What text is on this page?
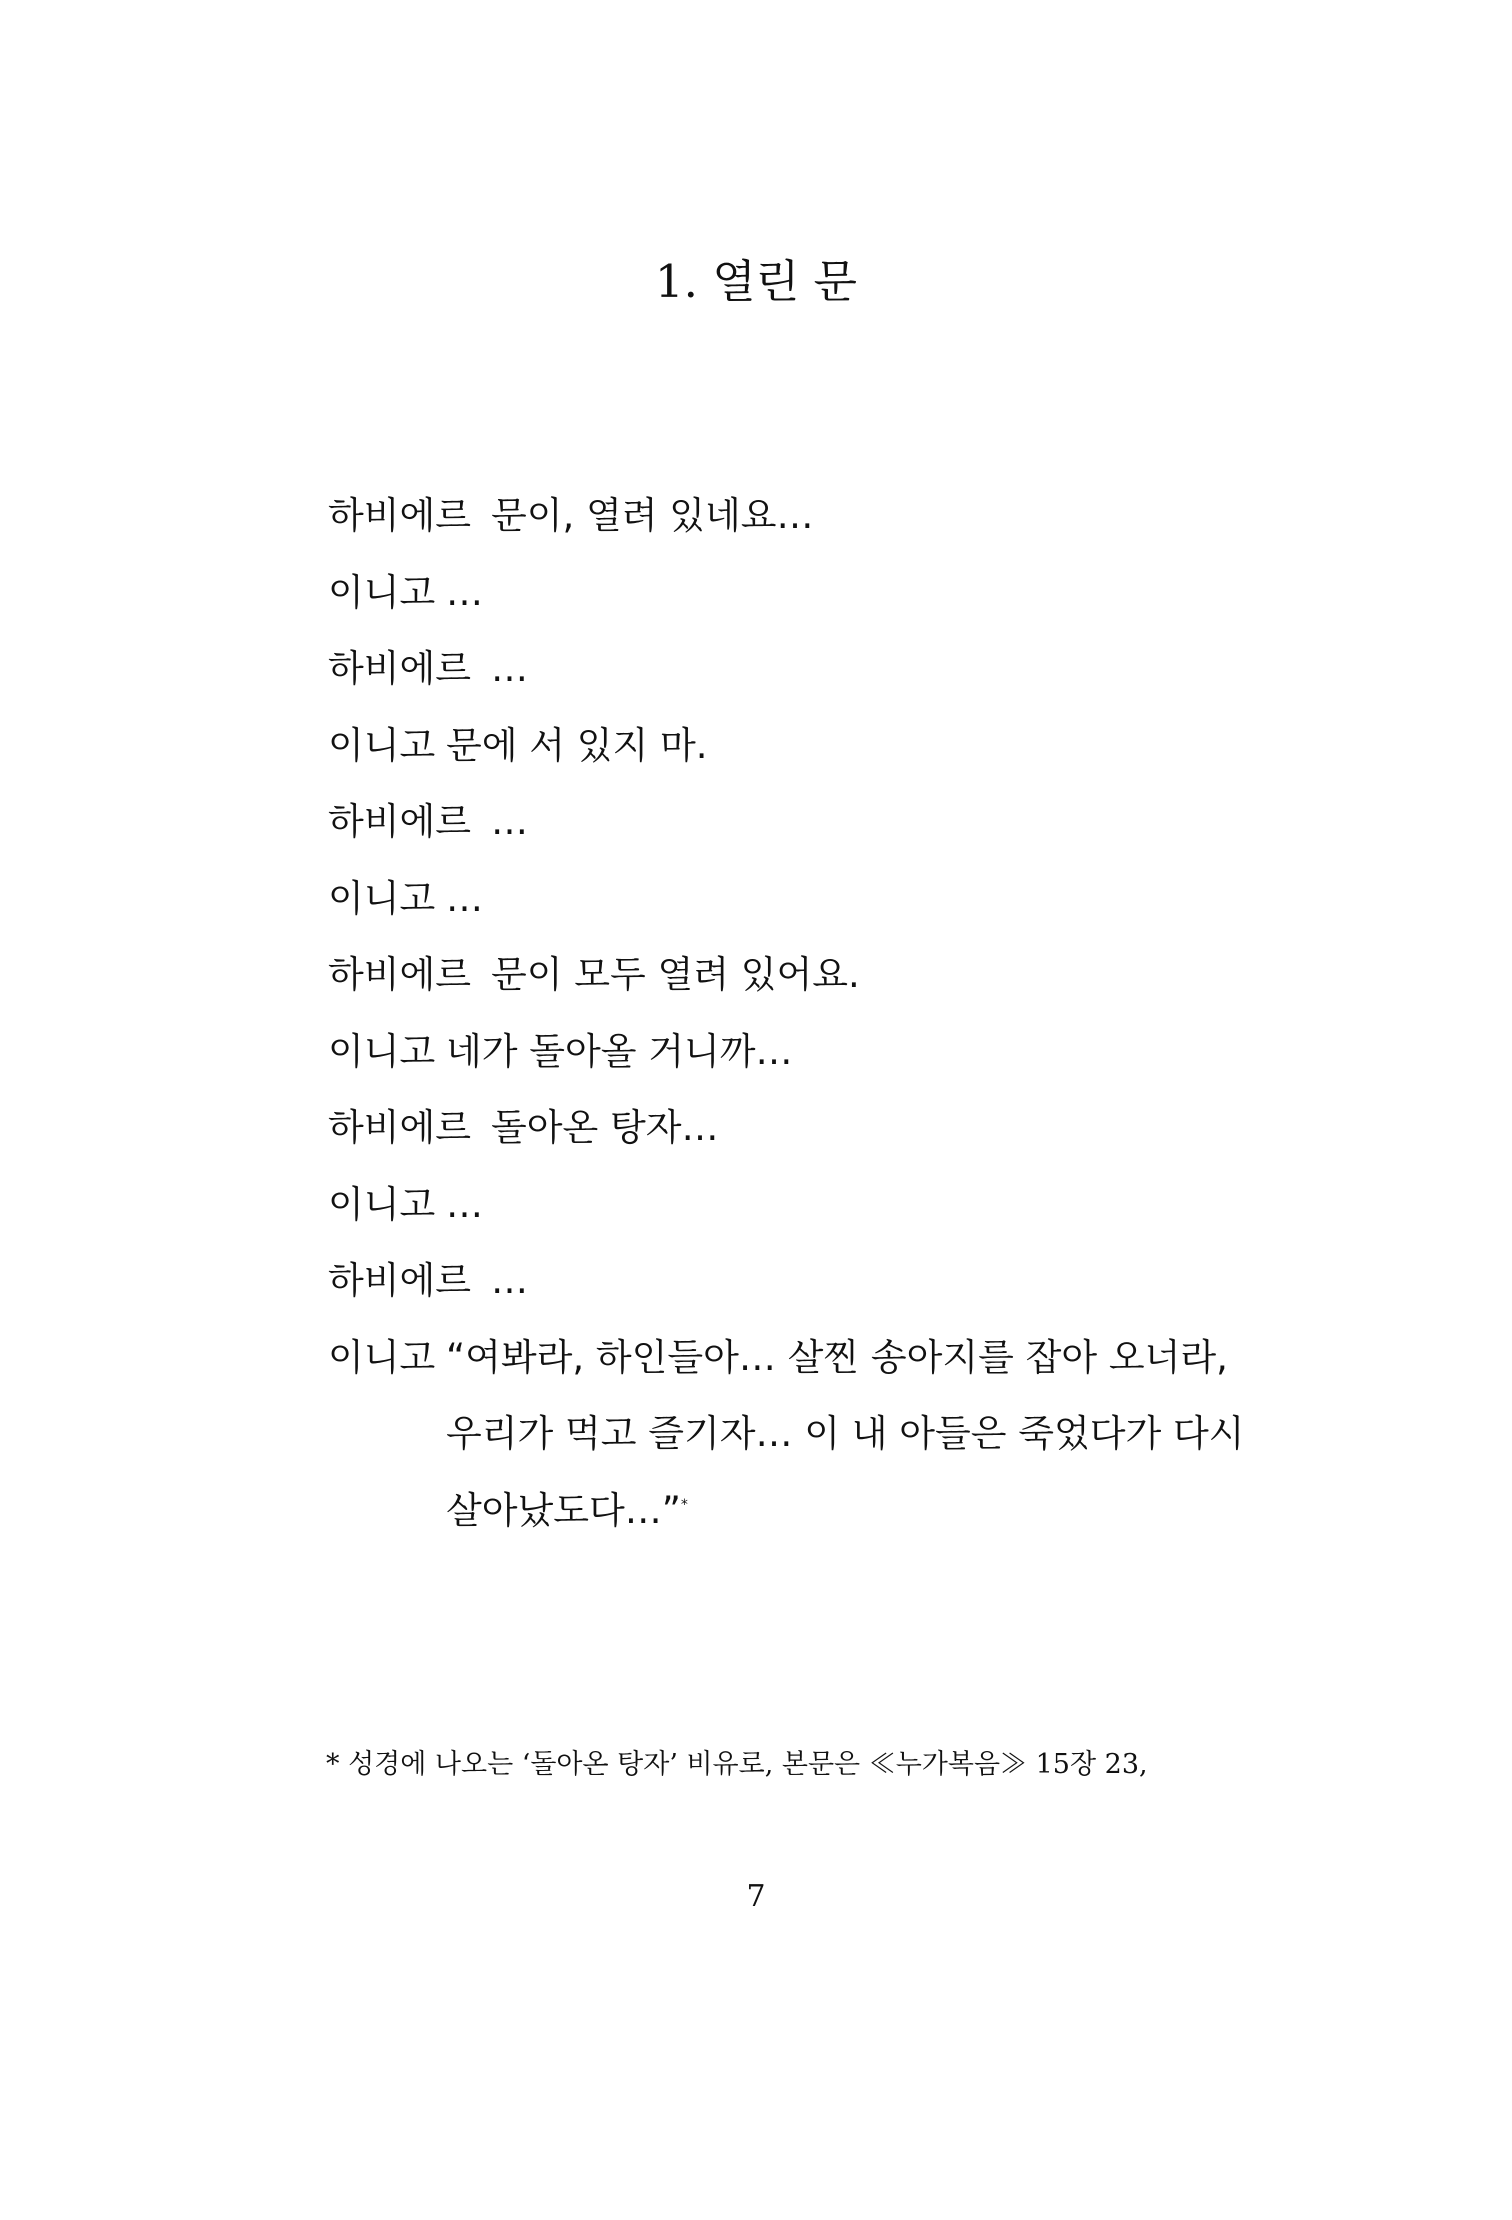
1. 열린 문
하비에르 문이, 열려 있네요…
이니고 …
하비에르 …
이니고 문에 서 있지 마.
하비에르 …
이니고 …
하비에르 문이 모두 열려 있어요.
이니고 네가 돌아올 거니까…
하비에르 돌아온 탕자…
이니고 …
하비에르 …
이니고 “여봐라, 하인들아… 살찐 송아지를 잡아 오너라,
우리가 먹고 즐기자… 이 내 아들은 죽었다가 다시
살아났도다…”*
* 성경에 나오는 ‘돌아온 탕자’ 비유로, 본문은 ≪누가복음≫ 15장 23,
7
